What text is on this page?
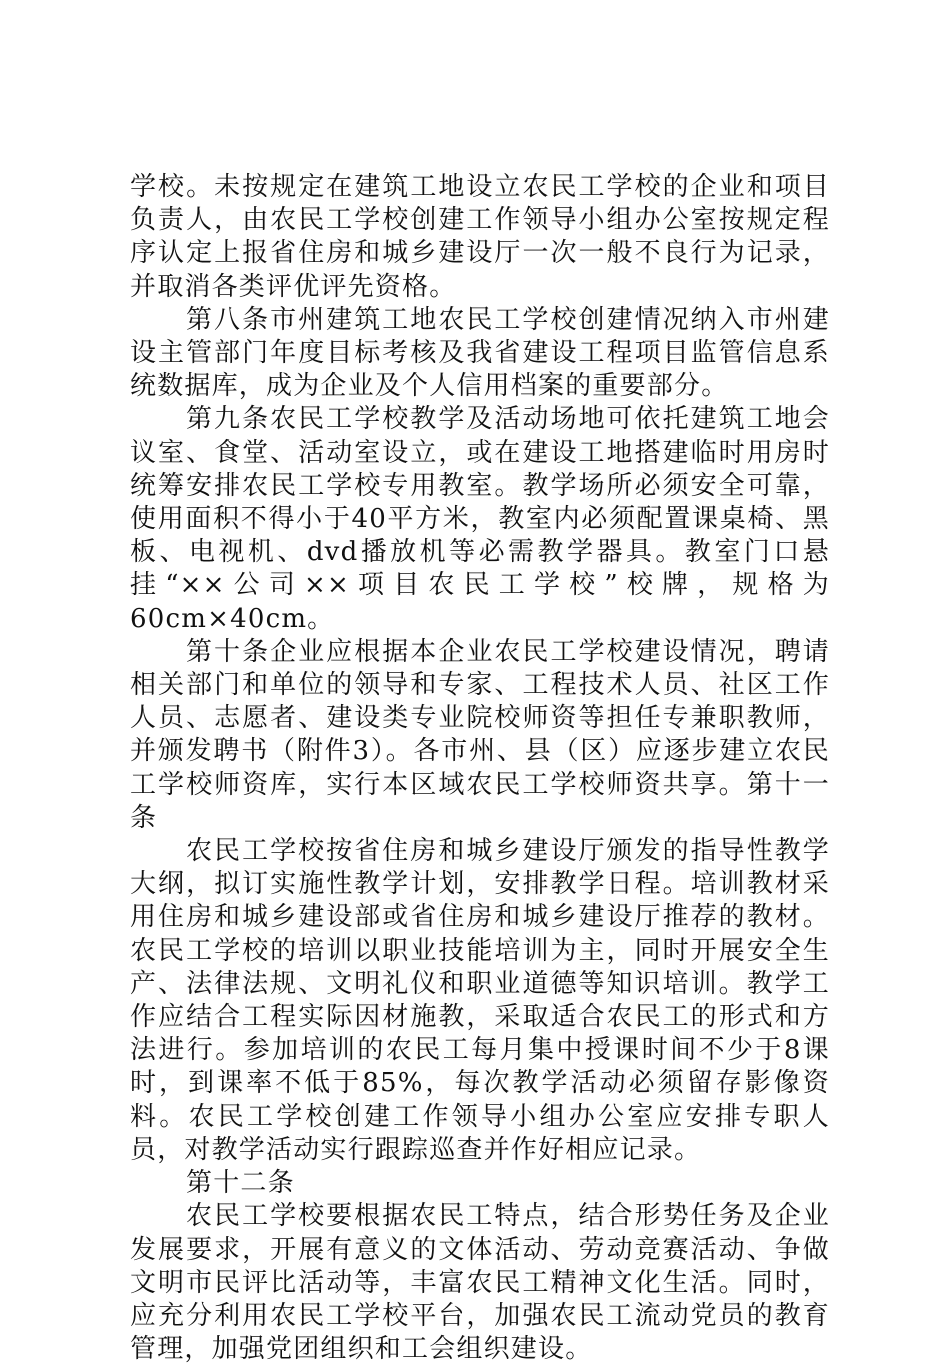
学校。未按规定在建筑工地设立农民工学校的企业和项目负责人，由农民工学校创建工作领导小组办公室按规定程序认定上报省住房和城乡建设厅一次一般不良行为记录，并取消各类评优评先资格。

第八条市州建筑工地农民工学校创建情况纳入市州建设主管部门年度目标考核及我省建设工程项目监管信息系统数据库，成为企业及个人信用档案的重要部分。

第九条农民工学校教学及活动场地可依托建筑工地会议室、食堂、活动室设立，或在建设工地搭建临时用房时统筹安排农民工学校专用教室。教学场所必须安全可靠，使用面积不得小于40平方米，教室内必须配置课桌椅、黑板、电视机、dvd播放机等必需教学器具。教室门口悬挂“××公司××项目农民工学校”校牌，规格为60cm×40cm。

第十条企业应根据本企业农民工学校建设情况，聘请相关部门和单位的领导和专家、工程技术人员、社区工作人员、志愿者、建设类专业院校师资等担任专兼职教师，并颁发聘书（附件3）。各市州、县（区）应逐步建立农民工学校师资库，实行本区域农民工学校师资共享。第十一条

农民工学校按省住房和城乡建设厅颁发的指导性教学大纲，拟订实施性教学计划，安排教学日程。培训教材采用住房和城乡建设部或省住房和城乡建设厅推荐的教材。农民工学校的培训以职业技能培训为主，同时开展安全生产、法律法规、文明礼仪和职业道德等知识培训。教学工作应结合工程实际因材施教，采取适合农民工的形式和方法进行。参加培训的农民工每月集中授课时间不少于8课时，到课率不低于85%，每次教学活动必须留存影像资料。农民工学校创建工作领导小组办公室应安排专职人员，对教学活动实行跟踪巡查并作好相应记录。

第十二条

农民工学校要根据农民工特点，结合形势任务及企业发展要求，开展有意义的文体活动、劳动竞赛活动、争做文明市民评比活动等，丰富农民工精神文化生活。同时，应充分利用农民工学校平台，加强农民工流动党员的教育管理，加强党团组织和工会组织建设。
